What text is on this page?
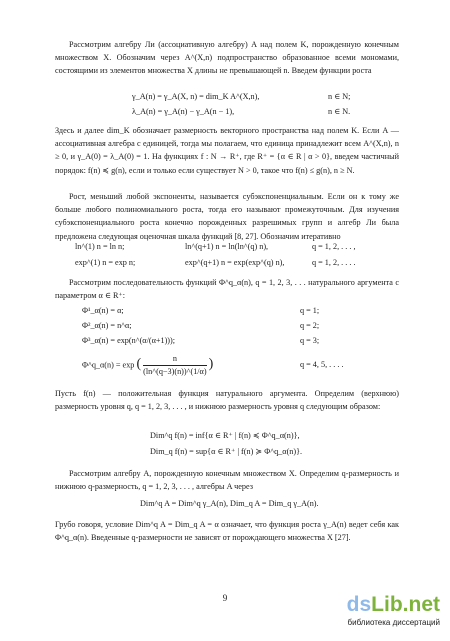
Рассмотрим алгебру Ли (ассоциативную алгебру) A над полем K, порожденную конечным множеством X. Обозначим через A^(X,n) подпространство образованное всеми мономами, состоящими из элементов множества X длины не превышающей n. Введем функции роста

γ_A(n) = γ_A(X, n) = dim_K A^(X,n),	n ∈ N;
λ_A(n) = γ_A(n) − γ_A(n − 1),	n ∈ N.

Здесь и далее dim_K обозначает размерность векторного пространства над полем K. Если A — ассоциативная алгебра с единицей, тогда мы полагаем, что единица принадлежит всем A^(X,n), n ≥ 0, и γ_A(0) = λ_A(0) = 1. На функциях f : N → R⁺, где R⁺ = {α ∈ R | α > 0}, введем частичный порядок: f(n) ≼ g(n), если и только если существует N > 0, такое что f(n) ≤ g(n), n ≥ N.

Рост, меньший любой экспоненты, называется субэкспоненциальным. Если он к тому же больше любого полиномиального роста, тогда его называют промежуточным. Для изучения субэкспоненциального роста конечно порожденных разрешимых групп и алгебр Ли была предложена следующая оценочная шкала функций [8, 27]. Обозначим итеративно

ln^(1) n = ln n;	ln^(q+1) n = ln(ln^(q) n),	q = 1, 2, . . . ,
exp^(1) n = exp n;	exp^(q+1) n = exp(exp^(q) n),	q = 1, 2, . . . .

Рассмотрим последовательность функций Φ^q_α(n), q = 1, 2, 3, . . . натурального аргумента с параметром α ∈ R⁺:

Φ¹_α(n) = α;	q = 1;
Φ²_α(n) = n^α;	q = 2;
Φ³_α(n) = exp(n^(α/(α+1)));	q = 3;
Φ^q_α(n) = exp ( $\frac{n}{(\ln\^{}(q-3)(n))\^{}(1/\alpha)}$ )	q = 4, 5, . . . .

Пусть f(n) — положительная функция натурального аргумента. Определим (верхнюю) размерность уровня q, q = 1, 2, 3, . . . , и нижнюю размерность уровня q следующим образом:

Dim^q f(n) = inf{α ∈ R⁺ | f(n) ≼ Φ^q_α(n)},
Dim_q f(n) = sup{α ∈ R⁺ | f(n) ≽ Φ^q_α(n)}.

Рассмотрим алгебру A, порожденную конечным множеством X. Определим q-размерность и нижнюю q-размерность, q = 1, 2, 3, . . . , алгебры A через

Dim^q A = Dim^q γ_A(n), Dim_q A = Dim_q γ_A(n).

Грубо говоря, условие Dim^q A = Dim_q A = α означает, что функция роста γ_A(n) ведет себя как Φ^q_α(n). Введенные q-размерности не зависят от порождающего множества X [27].

9	dsLib.net
библиотека диссертаций
